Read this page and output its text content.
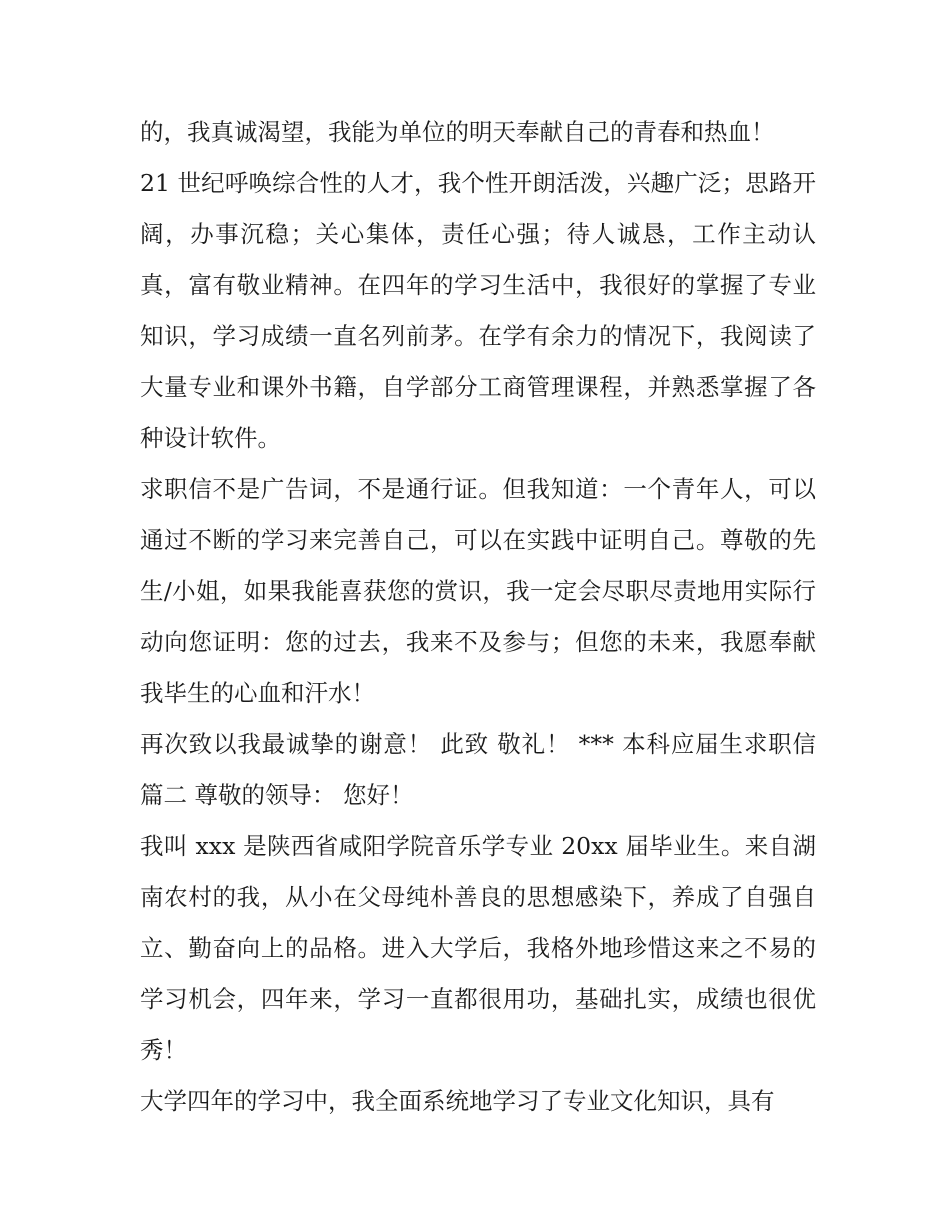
的，我真诚渴望，我能为单位的明天奉献自己的青春和热血！

21 世纪呼唤综合性的人才，我个性开朗活泼，兴趣广泛；思路开阔，办事沉稳；关心集体，责任心强；待人诚恳，工作主动认真，富有敬业精神。在四年的学习生活中，我很好的掌握了专业知识，学习成绩一直名列前茅。在学有余力的情况下，我阅读了大量专业和课外书籍，自学部分工商管理课程，并熟悉掌握了各种设计软件。

求职信不是广告词，不是通行证。但我知道：一个青年人，可以通过不断的学习来完善自己，可以在实践中证明自己。尊敬的先生/小姐，如果我能喜获您的赏识，我一定会尽职尽责地用实际行动向您证明：您的过去，我来不及参与；但您的未来，我愿奉献我毕生的心血和汗水！

再次致以我最诚挚的谢意！ 此致 敬礼！ *** 本科应届生求职信篇二 尊敬的领导： 您好！

我叫 xxx 是陕西省咸阳学院音乐学专业 20xx 届毕业生。来自湖南农村的我，从小在父母纯朴善良的思想感染下，养成了自强自立、勤奋向上的品格。进入大学后，我格外地珍惜这来之不易的学习机会，四年来，学习一直都很用功，基础扎实，成绩也很优秀！

大学四年的学习中，我全面系统地学习了专业文化知识，具有
